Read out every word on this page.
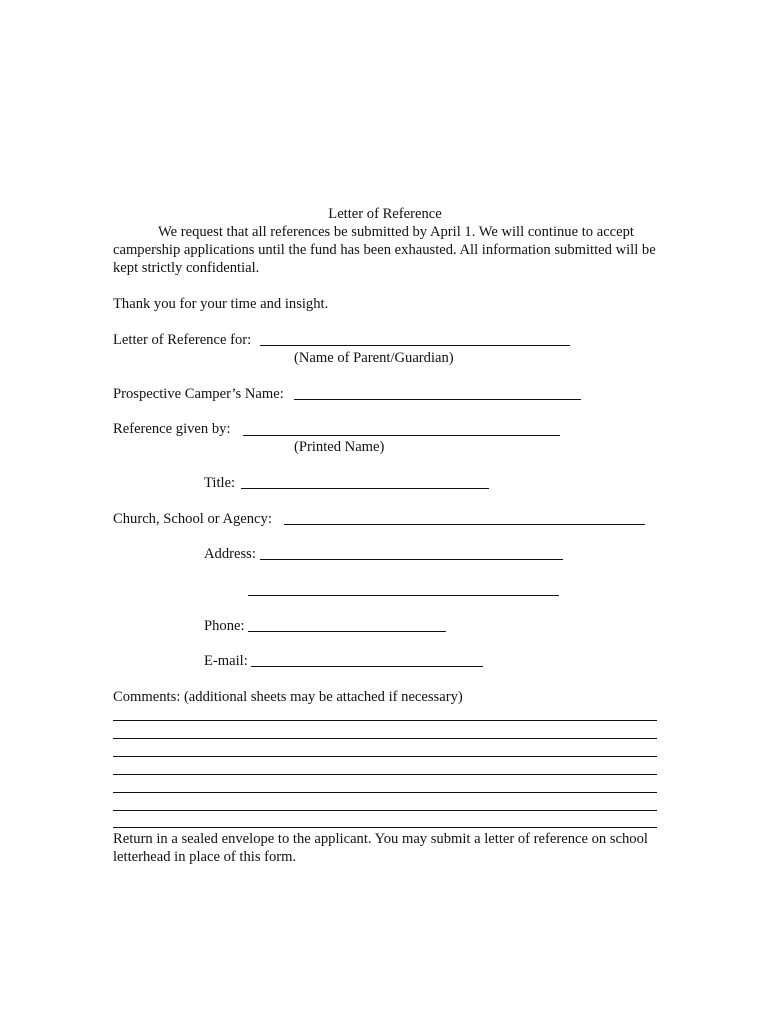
Letter of Reference
We request that all references be submitted by April 1. We will continue to accept campership applications until the fund has been exhausted. All information submitted will be kept strictly confidential.
Thank you for your time and insight.
Letter of Reference for:
(Name of Parent/Guardian)
Prospective Camper’s Name:
Reference given by:
(Printed Name)
Title:
Church, School or Agency:
Address:
Phone:
E-mail:
Comments: (additional sheets may be attached if necessary)
Return in a sealed envelope to the applicant. You may submit a letter of reference on school letterhead in place of this form.
